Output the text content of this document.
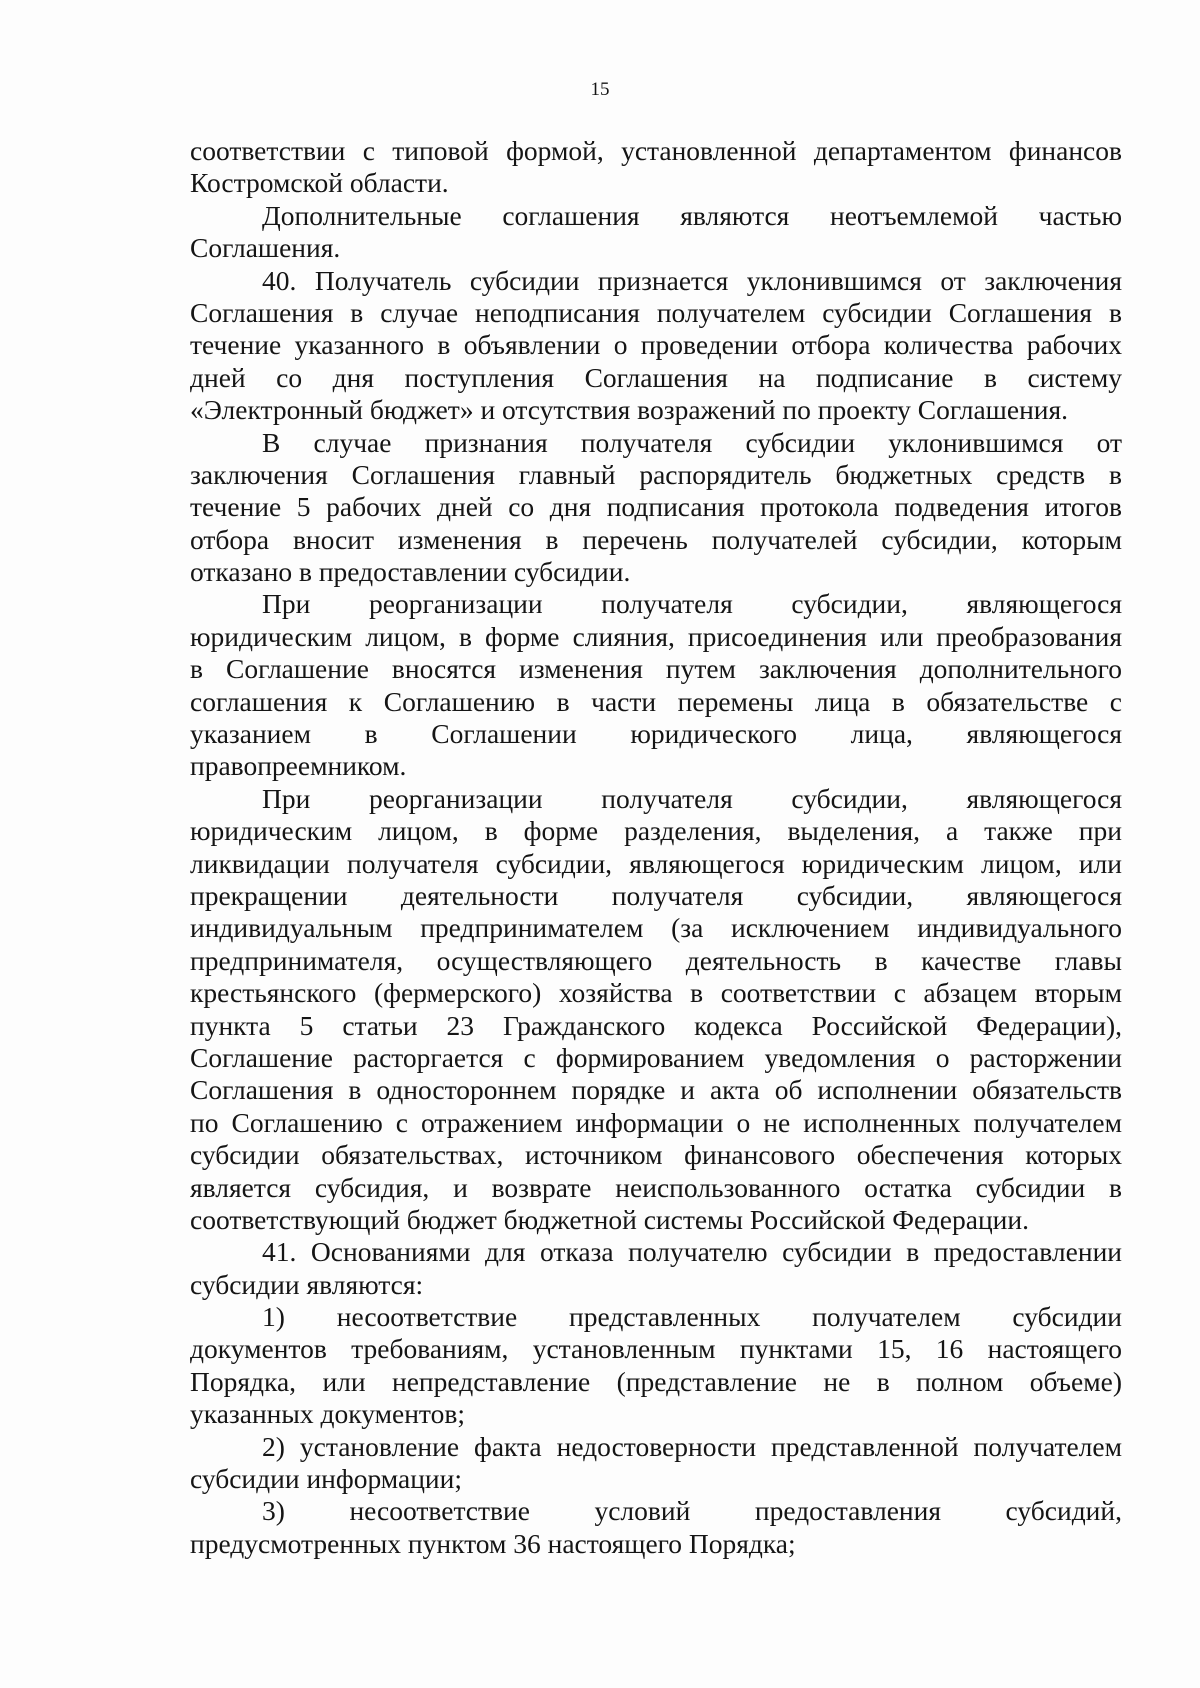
15
соответствии с типовой формой, установленной департаментом финансов
Костромской области.
Дополнительные соглашения являются неотъемлемой частью
Соглашения.
40. Получатель субсидии признается уклонившимся от заключения
Соглашения в случае неподписания получателем субсидии Соглашения в
течение указанного в объявлении о проведении отбора количества рабочих
дней со дня поступления Соглашения на подписание в систему
«Электронный бюджет» и отсутствия возражений по проекту Соглашения.
В случае признания получателя субсидии уклонившимся от
заключения Соглашения главный распорядитель бюджетных средств в
течение 5 рабочих дней со дня подписания протокола подведения итогов
отбора вносит изменения в перечень получателей субсидии, которым
отказано в предоставлении субсидии.
При реорганизации получателя субсидии, являющегося
юридическим лицом, в форме слияния, присоединения или преобразования
в Соглашение вносятся изменения путем заключения дополнительного
соглашения к Соглашению в части перемены лица в обязательстве с
указанием в Соглашении юридического лица, являющегося
правопреемником.
При реорганизации получателя субсидии, являющегося
юридическим лицом, в форме разделения, выделения, а также при
ликвидации получателя субсидии, являющегося юридическим лицом, или
прекращении деятельности получателя субсидии, являющегося
индивидуальным предпринимателем (за исключением индивидуального
предпринимателя, осуществляющего деятельность в качестве главы
крестьянского (фермерского) хозяйства в соответствии с абзацем вторым
пункта 5 статьи 23 Гражданского кодекса Российской Федерации),
Соглашение расторгается с формированием уведомления о расторжении
Соглашения в одностороннем порядке и акта об исполнении обязательств
по Соглашению с отражением информации о не исполненных получателем
субсидии обязательствах, источником финансового обеспечения которых
является субсидия, и возврате неиспользованного остатка субсидии в
соответствующий бюджет бюджетной системы Российской Федерации.
41. Основаниями для отказа получателю субсидии в предоставлении
субсидии являются:
1) несоответствие представленных получателем субсидии
документов требованиям, установленным пунктами 15, 16 настоящего
Порядка, или непредставление (представление не в полном объеме)
указанных документов;
2) установление факта недостоверности представленной получателем
субсидии информации;
3) несоответствие условий предоставления субсидий,
предусмотренных пунктом 36 настоящего Порядка;
